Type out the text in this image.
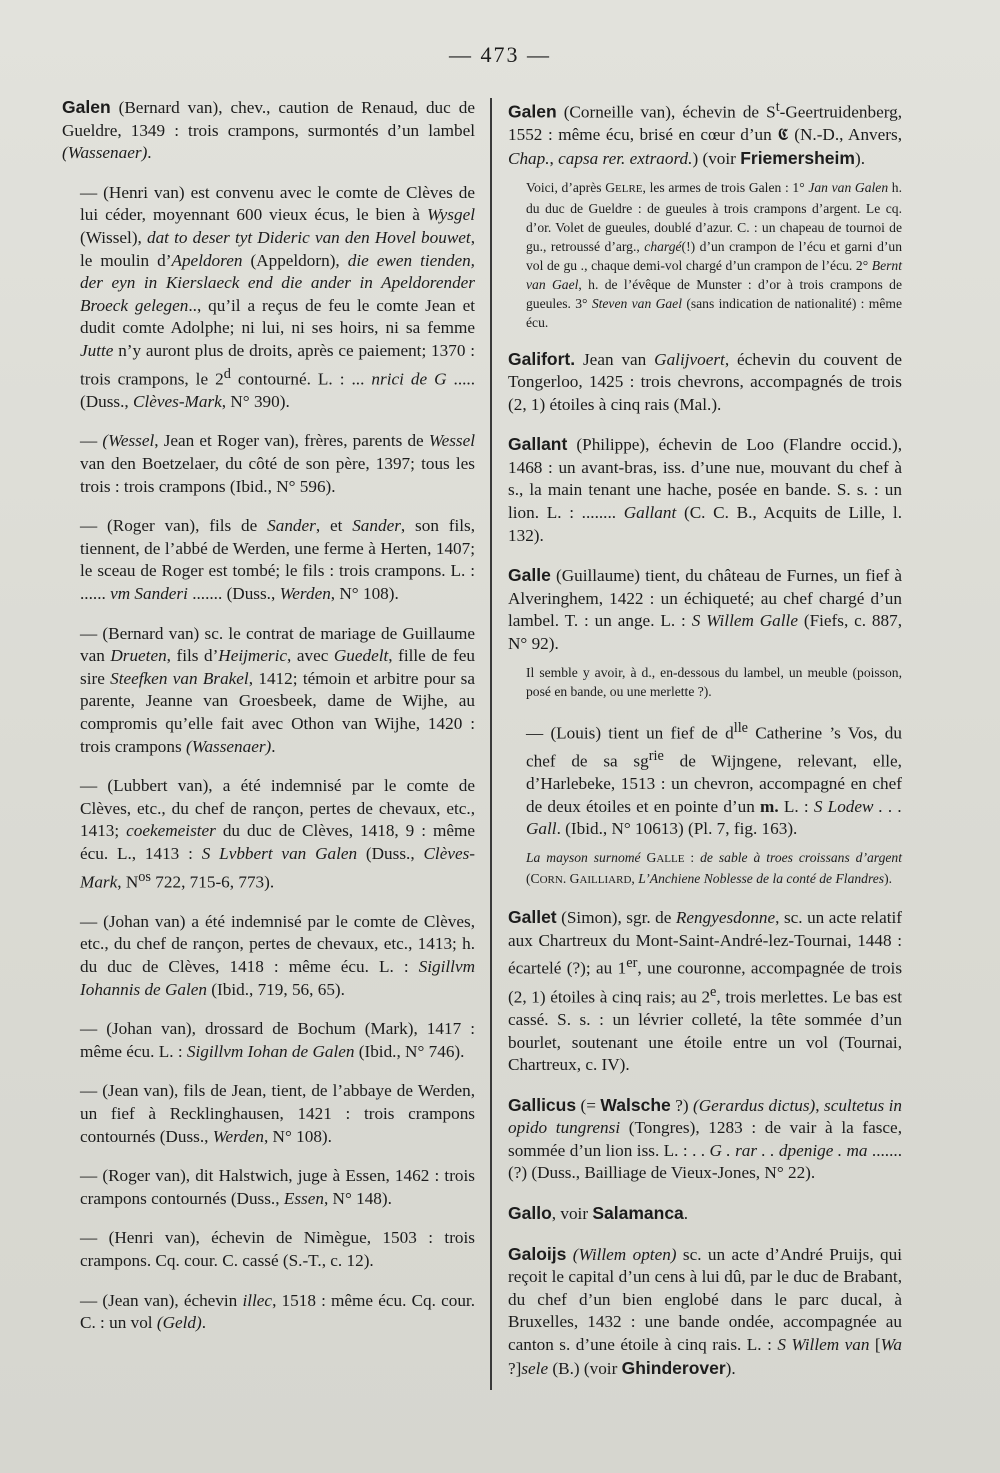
— 473 —

Galen (Bernard van), chev., caution de Renaud, duc de Gueldre, 1349 : trois crampons, surmontés d’un lambel (Wassenaer).

— (Henri van) est convenu avec le comte de Clèves de lui céder, moyennant 600 vieux écus, le bien à Wysgel (Wissel), dat to deser tyt Dideric van den Hovel bouwet, le moulin d’Apeldoren (Appeldorn), die ewen tienden, der eyn in Kierslaeck end die ander in Apeldorender Broeck gelegen.., qu’il a reçus de feu le comte Jean et dudit comte Adolphe; ni lui, ni ses hoirs, ni sa femme Jutte n’y auront plus de droits, après ce paiement; 1370 : trois crampons, le 2$^d$ contourné. L. : ... nrici de G ..... (Duss., Clèves-Mark, N° 390).

— (Wessel, Jean et Roger van), frères, parents de Wessel van den Boetzelaer, du côté de son père, 1397; tous les trois : trois crampons (Ibid., N° 596).

— (Roger van), fils de Sander, et Sander, son fils, tiennent, de l’abbé de Werden, une ferme à Herten, 1407; le sceau de Roger est tombé; le fils : trois crampons. L. : ...... vm Sanderi ....... (Duss., Werden, N° 108).

— (Bernard van) sc. le contrat de mariage de Guillaume van Drueten, fils d’Heijmeric, avec Guedelt, fille de feu sire Steefken van Brakel, 1412; témoin et arbitre pour sa parente, Jeanne van Groesbeek, dame de Wijhe, au compromis qu’elle fait avec Othon van Wijhe, 1420 : trois crampons (Wassenaer).

— (Lubbert van), a été indemnisé par le comte de Clèves, etc., du chef de rançon, pertes de chevaux, etc., 1413; coekemeister du duc de Clèves, 1418, 9 : même écu. L., 1413 : S Lvbbert van Galen (Duss., Clèves-Mark, $N^{os}$ 722, 715-6, 773).

— (Johan van) a été indemnisé par le comte de Clèves, etc., du chef de rançon, pertes de chevaux, etc., 1413; h. du duc de Clèves, 1418 : même écu. L. : Sigillvm Iohannis de Galen (Ibid., 719, 56, 65).

— (Johan van), drossard de Bochum (Mark), 1417 : même écu. L. : Sigillvm Iohan de Galen (Ibid., N° 746).

— (Jean van), fils de Jean, tient, de l’abbaye de Werden, un fief à Recklinghausen, 1421 : trois crampons contournés (Duss., Werden, N° 108).

— (Roger van), dit Halstwich, juge à Essen, 1462 : trois crampons contournés (Duss., Essen, N° 148).

— (Henri van), échevin de Nimègue, 1503 : trois crampons. Cq. cour. C. cassé (S.-T., c. 12).

— (Jean van), échevin illec, 1518 : même écu. Cq. cour. C. : un vol (Geld).

Galen (Corneille van), échevin de $S^t$-Geertruidenberg, 1552 : même écu, brisé en cœur d’un 𝕮 (N.-D., Anvers, Chap., capsa rer. extraord.) (voir Friemersheim).

Voici, d’après GELRE, les armes de trois Galen : 1° Jan van Galen h. du duc de Gueldre : de gueules à trois crampons d’argent. Le cq. d’or. Volet de gueules, doublé d’azur. C. : un chapeau de tournoi de gu., retroussé d’arg., chargé(!) d’un crampon de l’écu et garni d’un vol de gu ., chaque demi-vol chargé d’un crampon de l’écu. 2° Bernt van Gael, h. de l’évêque de Munster : d’or à trois crampons de gueules. 3° Steven van Gael (sans indication de nationalité) : même écu.

Galifort. Jean van Galijvoert, échevin du couvent de Tongerloo, 1425 : trois chevrons, accompagnés de trois (2, 1) étoiles à cinq rais (Mal.).

Gallant (Philippe), échevin de Loo (Flandre occid.), 1468 : un avant-bras, iss. d’une nue, mouvant du chef à s., la main tenant une hache, posée en bande. S. s. : un lion. L. : ........ Gallant (C. C. B., Acquits de Lille, l. 132).

Galle (Guillaume) tient, du château de Furnes, un fief à Alveringhem, 1422 : un échiqueté; au chef chargé d’un lambel. T. : un ange. L. : S Willem Galle (Fiefs, c. 887, N° 92).

Il semble y avoir, à d., en-dessous du lambel, un meuble (poisson, posé en bande, ou une merlette ?).

— (Louis) tient un fief de $d^{lle}$ Catherine ’s Vos, du chef de sa $sg^{rie}$ de Wijngene, relevant, elle, d’Harlebeke, 1513 : un chevron, accompagné en chef de deux étoiles et en pointe d’un m. L. : S Lodew . . . Gall. (Ibid., N° 10613) (Pl. 7, fig. 163).

La mayson surnomé GALLE : de sable à troes croissans d’argent (CORN. GAILLIARD, L’Anchiene Noblesse de la conté de Flandres).

Gallet (Simon), sgr. de Rengyesdonne, sc. un acte relatif aux Chartreux du Mont-Saint-André-lez-Tournai, 1448 : écartelé (?); au 1er, une couronne, accompagnée de trois (2, 1) étoiles à cinq rais; au 2e, trois merlettes. Le bas est cassé. S. s. : un lévrier colleté, la tête sommée d’un bourlet, soutenant une étoile entre un vol (Tournai, Chartreux, c. IV).

Gallicus (= Walsche ?) (Gerardus dictus), scultetus in opido tungrensi (Tongres), 1283 : de vair à la fasce, sommée d’un lion iss. L. : . . G . rar . . dpenige . ma ....... (?) (Duss., Bailliage de Vieux-Jones, N° 22).

Gallo, voir Salamanca.

Galoijs (Willem opten) sc. un acte d’André Pruijs, qui reçoit le capital d’un cens à lui dû, par le duc de Brabant, du chef d’un bien englobé dans le parc ducal, à Bruxelles, 1432 : une bande ondée, accompagnée au canton s. d’une étoile à cinq rais. L. : S Willem van [Wa ?]sele (B.) (voir Ghinderover).
